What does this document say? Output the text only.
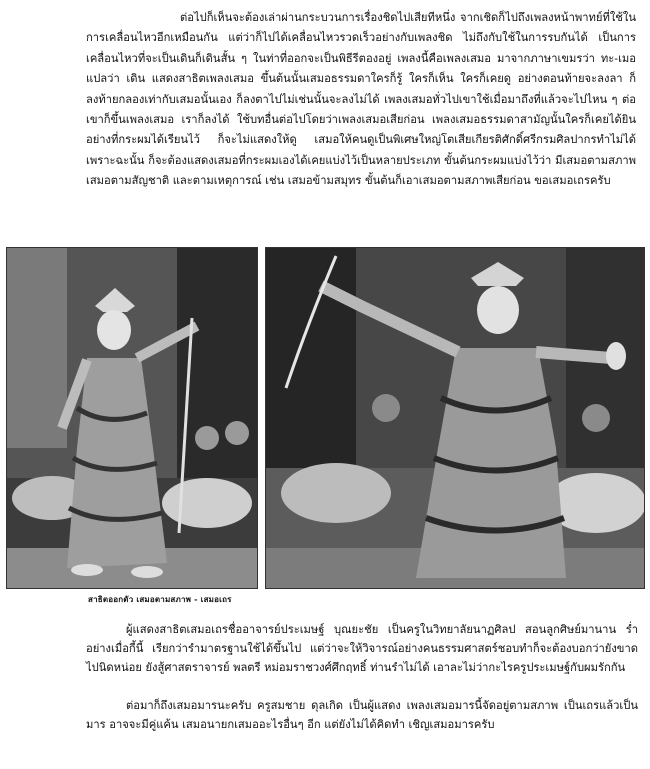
ต่อไปก็เห็นจะต้องเล่าผ่านกระบวนการเรื่องชิดไปเสียทีหนึ่ง จากเชิดก็ไปถึงเพลงหน้าพาทย์ที่ใช้ในการเคลื่อนไหวอีกเหมือนกัน แต่ว่าก็ไปได้เคลื่อนไหวรวดเร็วอย่างกับเพลงชิด ไม่ถึงกับใช้ในการรบกันได้ เป็นการเคลื่อนไหวที่จะเป็นเดินก็เดินสั้น ๆ ในท่าที่ออกจะเป็นพิธีรีตองอยู่ เพลงนี้คือเพลงเสมอ มาจากภาษาเขมรว่า ทะ-เมอ แปลว่า เดิน แสดงสาธิตเพลงเสมอ ขึ้นต้นนั้นเสมอธรรมดาใครก็รู้ ใครก็เห็น ใครก็เคยดู อย่างตอนท้ายจะลงลา ก็ลงท้ายกลองเท่ากับเสมอนั้นเอง ก็ลงตาไปไม่เช่นนั้นจะลงไม่ได้ เพลงเสมอทั่วไปเขาใช้เมื่อมาถึงที่แล้วจะไปไหน ๆ ต่อ เขาก็ขึ้นเพลงเสมอ เราก็ลงได้ ใช้บทอื่นต่อไปโดยว่าเพลงเสมอเสียก่อน เพลงเสมอธรรมดาสามัญนั้นใครก็เคยได้ยินอย่างที่กระผมได้เรียนไว้ ก็จะไม่แสดงให้ดู เสมอให้คนดูเป็นพิเศษใหญ่โตเสียเกียรติศักดิ์ศรีกรมศิลปากรทำไม่ได้ เพราะฉะนั้น ก็จะต้องแสดงเสมอที่กระผมเองได้เคยแบ่งไว้เป็นหลายประเภท ขั้นต้นกระผมแบ่งไว้ว่า มีเสมอตามสภาพ เสมอตามสัญชาติ และตามเหตุการณ์ เช่น เสมอข้ามสมุทร ขั้นต้นก็เอาเสมอตามสภาพเสียก่อน ขอเสมอเถรครับ

สาธิตออกตัว เสมอตามสภาพ - เสมอเถร

ผู้แสดงสาธิตเสมอเถรชื่ออาจารย์ประเมษฐ์ บุณยะชัย เป็นครูในวิทยาลัยนาฏศิลป สอนลูกศิษย์มานาน ร่ำอย่างเมื่อกี้นี้ เรียกว่ารำมาตรฐานใช้ได้ขึ้นไป แต่ว่าจะให้วิจารณ์อย่างคนธรรมศาสตร์ชอบทำก็จะต้องบอกว่ายังขาดไปนิดหน่อย ยังสู้ศาสตราจารย์ พลตรี หม่อมราชวงศ์ศึกฤทธิ์ ท่านรำไม่ได้ เอาละไม่ว่ากะไรครูประเมษฐ์กับผมรักกัน

ต่อมาก็ถึงเสมอมารนะครับ ครูสมชาย ดุลเกิด เป็นผู้แสดง เพลงเสมอมารนี้จัดอยู่ตามสภาพ เป็นเถรแล้วเป็นมาร อาจจะมีคู่แค้น เสมอนายกเสมออะไรอื่นๆ อีก แต่ยังไม่ได้คิดทำ เชิญเสมอมารครับ
